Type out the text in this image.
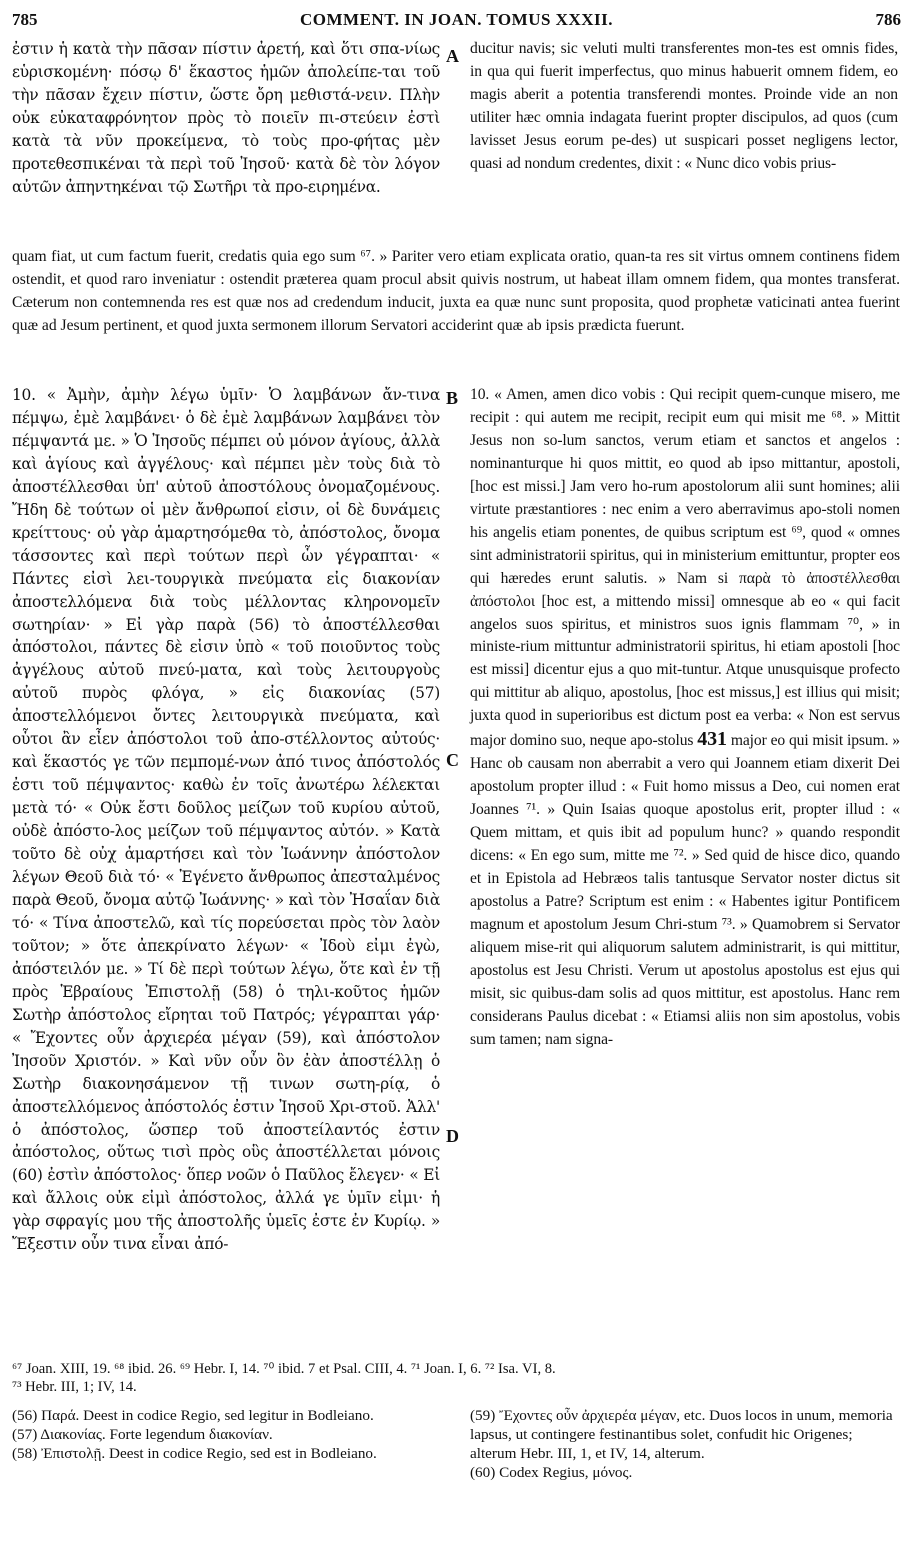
785	COMMENT. IN JOAN. TOMUS XXXII.	786

ἐστιν ἡ κατὰ τὴν πᾶσαν πίστιν ἀρετή, καὶ ὅτι σπα-νίως εὑρισκομένη· πόσῳ δ' ἕκαστος ἡμῶν ἀπολείπε-ται τοῦ τὴν πᾶσαν ἔχειν πίστιν, ὥστε ὄρη μεθιστά-νειν. Πλὴν οὐκ εὐκαταφρόνητον πρὸς τὸ ποιεῖν πι-στεύειν ἐστὶ κατὰ τὰ νῦν προκείμενα, τὸ τοὺς προ-φήτας μὲν προτεθεσπικέναι τὰ περὶ τοῦ Ἰησοῦ· κατὰ δὲ τὸν λόγον αὐτῶν ἀπηντηκέναι τῷ Σωτῆρι τὰ προ-ειρημένα.

A ducitur navis; sic veluti multi transferentes mon-tes est omnis fides, in qua qui fuerit imperfectus, quo minus habuerit omnem fidem, eo magis aberit a potentia transferendi montes. Proinde vide an non utiliter hæc omnia indagata fuerint propter discipulos, ad quos (cum lavisset Jesus eorum pe-des) ut suspicari posset negligens lector, quasi ad nondum credentes, dixit : « Nunc dico vobis prius-

quam fiat, ut cum factum fuerit, credatis quia ego sum ⁶⁷. » Pariter vero etiam explicata oratio, quan-ta res sit virtus omnem continens fidem ostendit, et quod raro inveniatur : ostendit præterea quam procul absit quivis nostrum, ut habeat illam omnem fidem, qua montes transferat. Cæterum non contemnenda res est quæ nos ad credendum inducit, juxta ea quæ nunc sunt proposita, quod prophetæ vaticinati antea fuerint quæ ad Jesum pertinent, et quod juxta sermonem illorum Servatori acciderint quæ ab ipsis prædicta fuerunt.

10. « Ἀμὴν, ἀμὴν λέγω ὑμῖν· Ὁ λαμβάνων ἄν-τινα πέμψω, ἐμὲ λαμβάνει· ὁ δὲ ἐμὲ λαμβάνων λαμβάνει τὸν πέμψαντά με. » Ὁ Ἰησοῦς πέμπει οὐ μόνον ἁγίους, ἀλλὰ καὶ ἁγίους καὶ ἀγγέλους· καὶ πέμπει μὲν τοὺς διὰ τὸ ἀποστέλλεσθαι ὑπ' αὐτοῦ ἀποστόλους ὀνομαζομένους. Ἤδη δὲ τούτων οἱ μὲν ἄνθρωποί εἰσιν, οἱ δὲ δυνάμεις κρείττους· οὐ γὰρ ἁμαρτησόμεθα τὸ, ἀπόστολος, ὄνομα τάσσοντες καὶ περὶ τούτων περὶ ὧν γέγραπται· « Πάντες εἰσὶ λει-τουργικὰ πνεύματα εἰς διακονίαν ἀποστελλόμενα διὰ τοὺς μέλλοντας κληρονομεῖν σωτηρίαν· » Εἰ γὰρ παρὰ (56) τὸ ἀποστέλλεσθαι ἀπόστολοι, πάντες δὲ εἰσιν ὑπὸ « τοῦ ποιοῦντος τοὺς ἀγγέλους αὐτοῦ πνεύ-ματα, καὶ τοὺς λειτουργοὺς αὐτοῦ πυρὸς φλόγα, » εἰς διακονίας (57) ἀποστελλόμενοι ὄντες λειτουργικὰ πνεύματα, καὶ οὗτοι ἂν εἶεν ἀπόστολοι τοῦ ἀπο-στέλλοντος αὐτούς· καὶ ἕκαστός γε τῶν πεμπομέ-νων ἀπό τινος ἀπόστολός ἐστι τοῦ πέμψαντος· καθὼ ἐν τοῖς ἀνωτέρω λέλεκται μετὰ τό· « Οὐκ ἔστι δοῦλος μείζων τοῦ κυρίου αὐτοῦ, οὐδὲ ἀπόστο-λος μείζων τοῦ πέμψαντος αὐτόν. » Κατὰ τοῦτο δὲ οὐχ ἁμαρτήσει καὶ τὸν Ἰωάννην ἀπόστολον λέγων Θεοῦ διὰ τό· « Ἐγένετο ἄνθρωπος ἀπεσταλμένος παρὰ Θεοῦ, ὄνομα αὐτῷ Ἰωάννης· » καὶ τὸν Ἠσαΐαν διὰ τό· « Τίνα ἀποστελῶ, καὶ τίς πορεύσεται πρὸς τὸν λαὸν τοῦτον; » ὅτε ἀπεκρίνατο λέγων· « Ἰδοὺ εἰμι ἐγὼ, ἀπόστειλόν με. » Τί δὲ περὶ τούτων λέγω, ὅτε καὶ ἐν τῇ πρὸς Ἑβραίους Ἐπιστολῇ (58) ὁ τηλι-κοῦτος ἡμῶν Σωτὴρ ἀπόστολος εἴρηται τοῦ Πατρός; γέγραπται γάρ· « Ἔχοντες οὖν ἀρχιερέα μέγαν (59), καὶ ἀπόστολον Ἰησοῦν Χριστόν. » Καὶ νῦν οὖν ὃν ἐὰν ἀποστέλλῃ ὁ Σωτὴρ διακονησάμενον τῇ τινων σωτη-ρίᾳ, ὁ ἀποστελλόμενος ἀπόστολός ἐστιν Ἰησοῦ Χρι-στοῦ. Ἀλλ' ὁ ἀπόστολος, ὥσπερ τοῦ ἀποστείλαντός ἐστιν ἀπόστολος, οὕτως τισὶ πρὸς οὓς ἀποστέλλεται μόνοις (60) ἐστὶν ἀπόστολος· ὅπερ νοῶν ὁ Παῦλος ἔλεγεν· « Εἰ καὶ ἄλλοις οὐκ εἰμὶ ἀπόστολος, ἀλλά γε ὑμῖν εἰμι· ἡ γὰρ σφραγίς μου τῆς ἀποστολῆς ὑμεῖς ἐστε ἐν Κυρίῳ. » Ἔξεστιν οὖν τινα εἶναι ἀπό-

B
C
D

10. « Amen, amen dico vobis : Qui recipit quem-cunque misero, me recipit : qui autem me recipit, recipit eum qui misit me ⁶⁸. » Mittit Jesus non so-lum sanctos, verum etiam et sanctos et angelos : nominanturque hi quos mittit, eo quod ab ipso mittantur, apostoli, [hoc est missi.] Jam vero ho-rum apostolorum alii sunt homines; alii virtute præstantiores : nec enim a vero aberravimus apo-stoli nomen his angelis etiam ponentes, de quibus scriptum est ⁶⁹, quod « omnes sint administratorii spiritus, qui in ministerium emittuntur, propter eos qui hæredes erunt salutis. » Nam si παρὰ τὸ ἀποστέλλεσθαι ἀπόστολοι [hoc est, a mittendo missi] omnesque ab eo « qui facit angelos suos spiritus, et ministros suos ignis flammam ⁷⁰, » in ministe-rium mittuntur administratorii spiritus, hi etiam apostoli [hoc est missi] dicentur ejus a quo mit-tuntur. Atque unusquisque profecto qui mittitur ab aliquo, apostolus, [hoc est missus,] est illius qui misit; juxta quod in superioribus est dictum post ea verba: « Non est servus major domino suo, neque apo-stolus 431 major eo qui misit ipsum. » Hanc ob causam non aberrabit a vero qui Joannem etiam dixerit Dei apostolum propter illud : « Fuit homo missus a Deo, cui nomen erat Joannes ⁷¹. » Quin Isaias quoque apostolus erit, propter illud : « Quem mittam, et quis ibit ad populum hunc? » quando respondit dicens: « En ego sum, mitte me ⁷². » Sed quid de hisce dico, quando et in Epistola ad Hebræos talis tantusque Servator noster dictus sit apostolus a Patre? Scriptum est enim : « Habentes igitur Pontificem magnum et apostolum Jesum Chri-stum ⁷³. » Quamobrem si Servator aliquem mise-rit qui aliquorum salutem administrarit, is qui mittitur, apostolus est Jesu Christi. Verum ut apostolus apostolus est ejus qui misit, sic quibus-dam solis ad quos mittitur, est apostolus. Hanc rem considerans Paulus dicebat : « Etiamsi aliis non sim apostolus, vobis sum tamen; nam signa-

⁶⁷ Joan. XIII, 19. ⁶⁸ ibid. 26. ⁶⁹ Hebr. I, 14. ⁷⁰ ibid. 7 et Psal. CIII, 4. ⁷¹ Joan. I, 6. ⁷² Isa. VI, 8.

⁷³ Hebr. III, 1; IV, 14.

(56) Παρά. Deest in codice Regio, sed legitur in Bodleiano.

(57) Διακονίας. Forte legendum διακονίαν.

(58) Ἐπιστολῇ. Deest in codice Regio, sed est in Bodleiano.

(59) Ἔχοντες οὖν ἀρχιερέα μέγαν, etc. Duos locos in unum, memoria lapsus, ut contingere festinantibus solet, confudit hic Origenes; alterum Hebr. III, 1, et IV, 14, alterum.

(60) Codex Regius, μόνος.
